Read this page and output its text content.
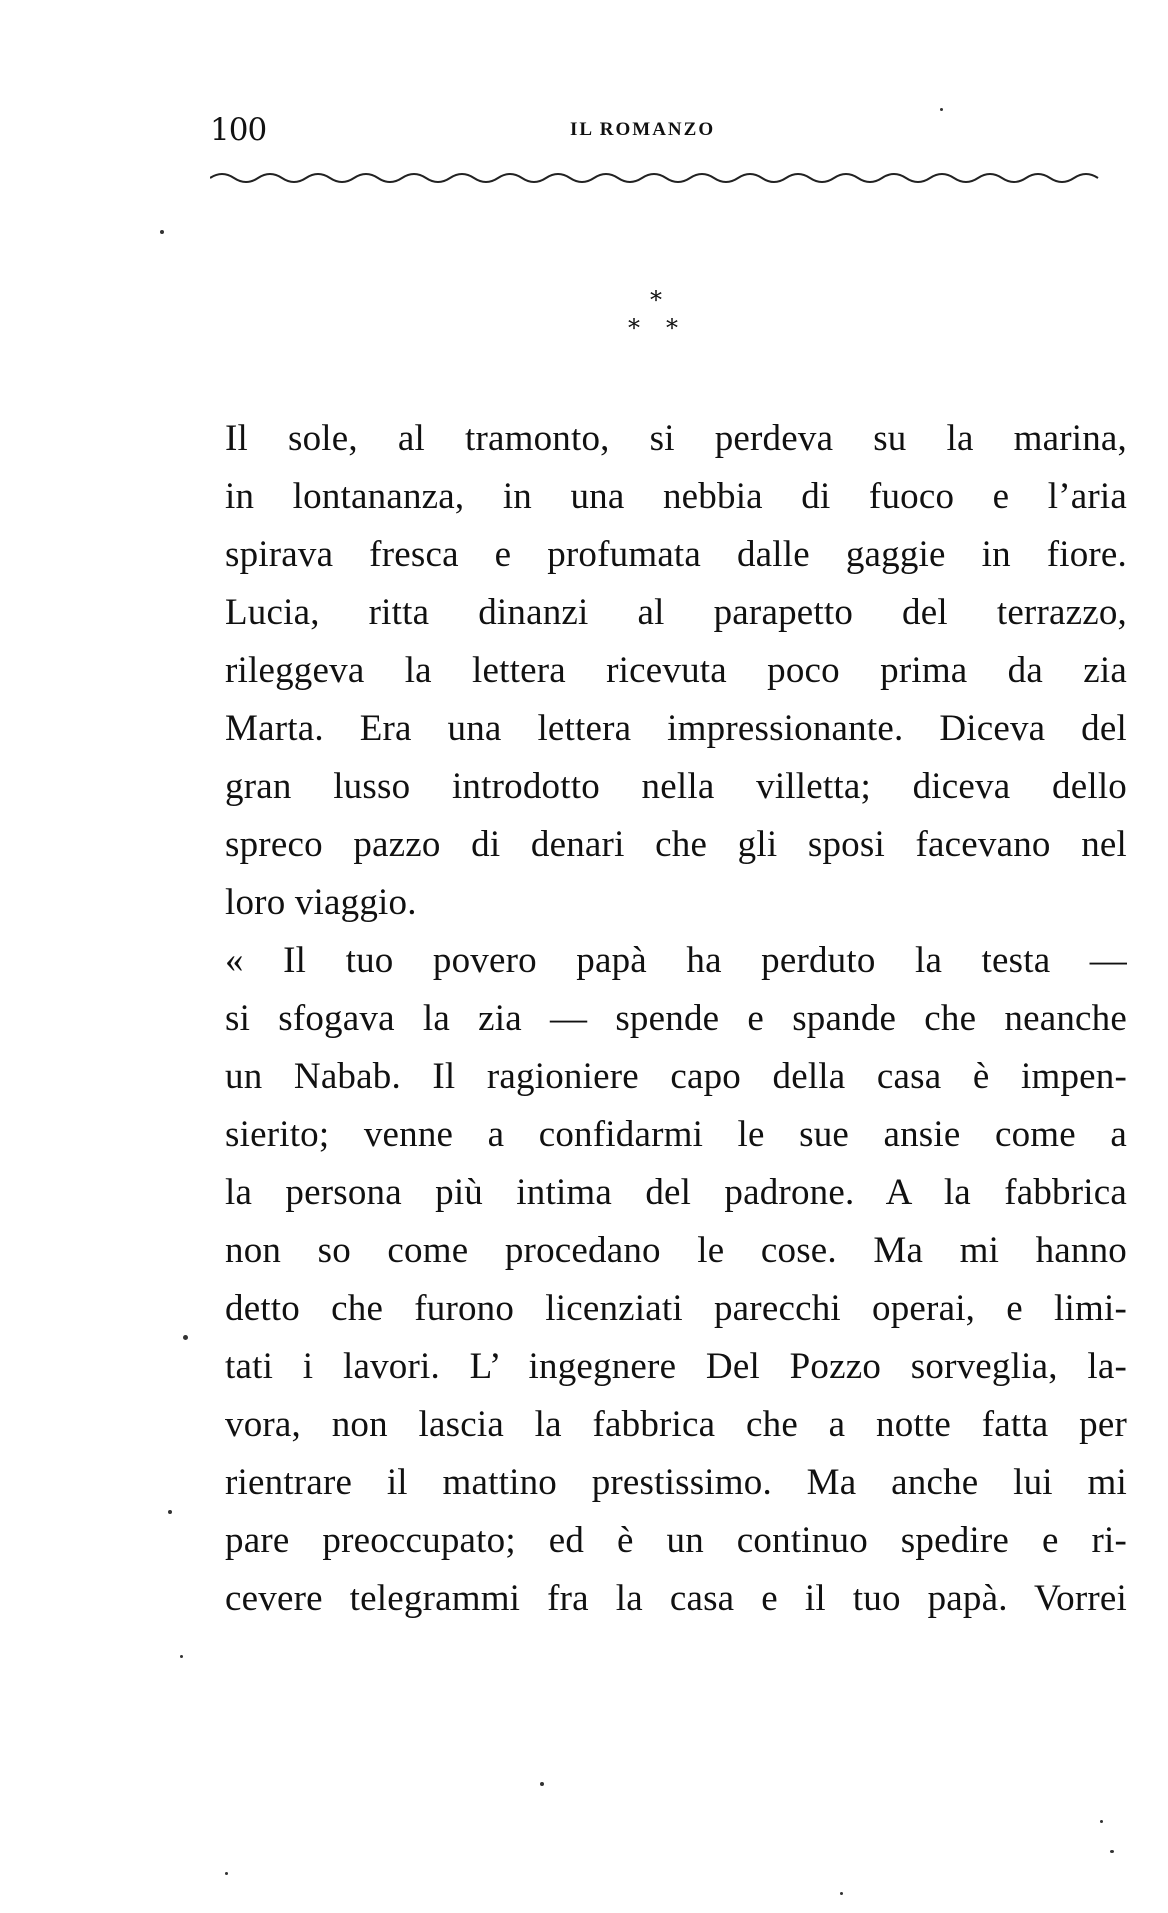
100	IL ROMANZO
*
* *
Il sole, al tramonto, si perdeva su la marina,
in lontananza, in una nebbia di fuoco e l’aria
spirava fresca e profumata dalle gaggie in fiore.
Lucia, ritta dinanzi al parapetto del terrazzo,
rileggeva la lettera ricevuta poco prima da zia
Marta. Era una lettera impressionante. Diceva del
gran lusso introdotto nella villetta; diceva dello
spreco pazzo di denari che gli sposi facevano nel
loro viaggio.
« Il tuo povero papà ha perduto la testa —
si sfogava la zia — spende e spande che neanche
un Nabab. Il ragioniere capo della casa è impen-
sierito; venne a confidarmi le sue ansie come a
la persona più intima del padrone. A la fabbrica
non so come procedano le cose. Ma mi hanno
detto che furono licenziati parecchi operai, e limi-
tati i lavori. L’ ingegnere Del Pozzo sorveglia, la-
vora, non lascia la fabbrica che a notte fatta per
rientrare il mattino prestissimo. Ma anche lui mi
pare preoccupato; ed è un continuo spedire e ri-
cevere telegrammi fra la casa e il tuo papà. Vorrei
